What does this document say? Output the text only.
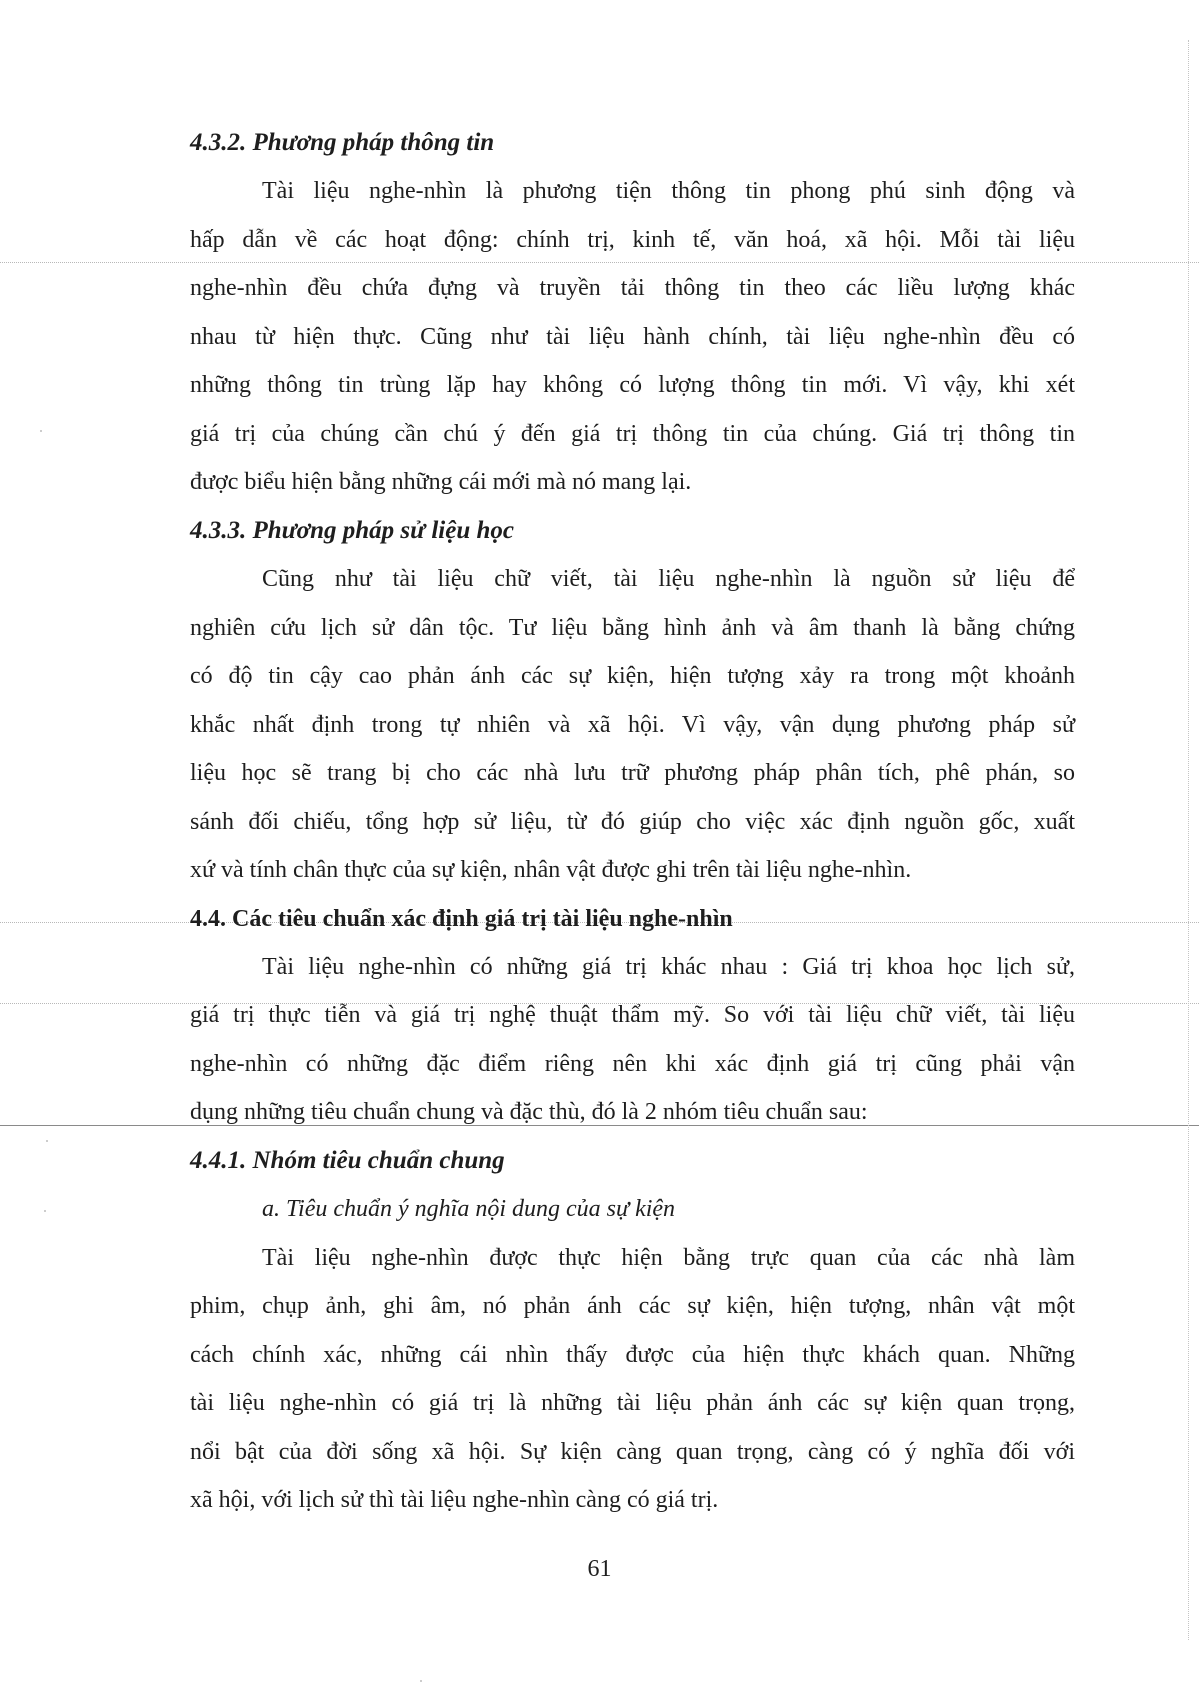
4.3.2. Phương pháp thông tin
Tài liệu nghe-nhìn là phương tiện thông tin phong phú sinh động và
hấp dẫn về các hoạt động: chính trị, kinh tế, văn hoá, xã hội. Mỗi tài liệu
nghe-nhìn đều chứa đựng và truyền tải thông tin theo các liều lượng khác
nhau từ hiện thực. Cũng như tài liệu hành chính, tài liệu nghe-nhìn đều có
những thông tin trùng lặp hay không có lượng thông tin mới. Vì vậy, khi xét
giá trị của chúng cần chú ý đến giá trị thông tin của chúng. Giá trị thông tin
được biểu hiện bằng những cái mới mà nó mang lại.
4.3.3. Phương pháp sử liệu học
Cũng như tài liệu chữ viết, tài liệu nghe-nhìn là nguồn sử liệu để
nghiên cứu lịch sử dân tộc. Tư liệu bằng hình ảnh và âm thanh là bằng chứng
có độ tin cậy cao phản ánh các sự kiện, hiện tượng xảy ra trong một khoảnh
khắc nhất định trong tự nhiên và xã hội. Vì vậy, vận dụng phương pháp sử
liệu học sẽ trang bị cho các nhà lưu trữ phương pháp phân tích, phê phán, so
sánh đối chiếu, tổng hợp sử liệu, từ đó giúp cho việc xác định nguồn gốc, xuất
xứ và tính chân thực của sự kiện, nhân vật được ghi trên tài liệu nghe-nhìn.
4.4. Các tiêu chuẩn xác định giá trị tài liệu nghe-nhìn
Tài liệu nghe-nhìn có những giá trị khác nhau : Giá trị khoa học lịch sử,
giá trị thực tiễn và giá trị nghệ thuật thẩm mỹ. So với tài liệu chữ viết, tài liệu
nghe-nhìn có những đặc điểm riêng nên khi xác định giá trị cũng phải vận
dụng những tiêu chuẩn chung và đặc thù, đó là 2 nhóm tiêu chuẩn sau:
4.4.1. Nhóm tiêu chuẩn chung
a. Tiêu chuẩn ý nghĩa nội dung của sự kiện
Tài liệu nghe-nhìn được thực hiện bằng trực quan của các nhà làm
phim, chụp ảnh, ghi âm, nó phản ánh các sự kiện, hiện tượng, nhân vật một
cách chính xác, những cái nhìn thấy được của hiện thực khách quan. Những
tài liệu nghe-nhìn có giá trị là những tài liệu phản ánh các sự kiện quan trọng,
nổi bật của đời sống xã hội. Sự kiện càng quan trọng, càng có ý nghĩa đối với
xã hội, với lịch sử thì tài liệu nghe-nhìn càng có giá trị.
61
